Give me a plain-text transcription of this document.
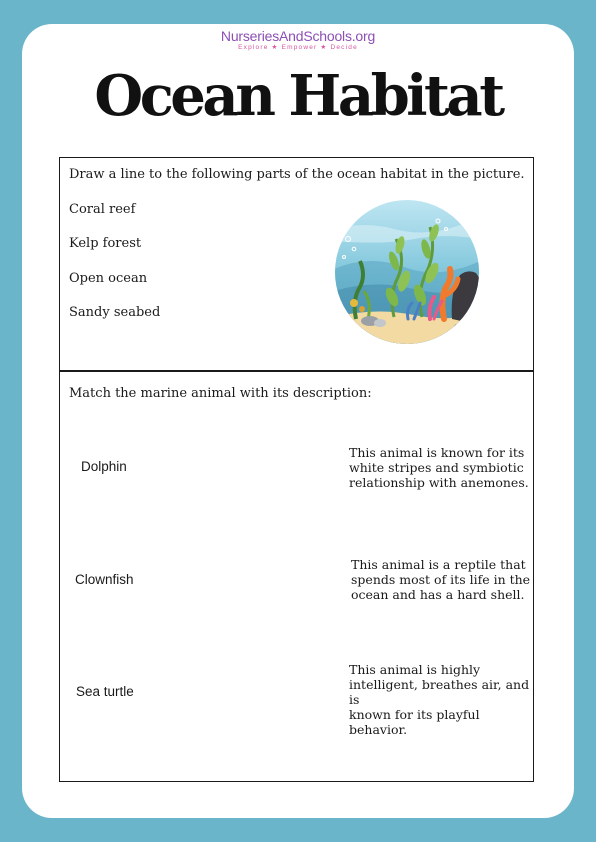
NurseriesAndSchools.org
Explore ★ Empower ★ Decide
Ocean Habitat
Draw a line to the following parts of the ocean habitat in the picture.
Coral reef
Kelp forest
Open ocean
Sandy seabed
Match the marine animal with its description:
Dolphin
Clownfish
Sea turtle
This animal is known for its
white stripes and symbiotic
relationship with anemones.
This animal is a reptile that
spends most of its life in the
ocean and has a hard shell.
This animal is highly
intelligent, breathes air, and is
known for its playful
behavior.
